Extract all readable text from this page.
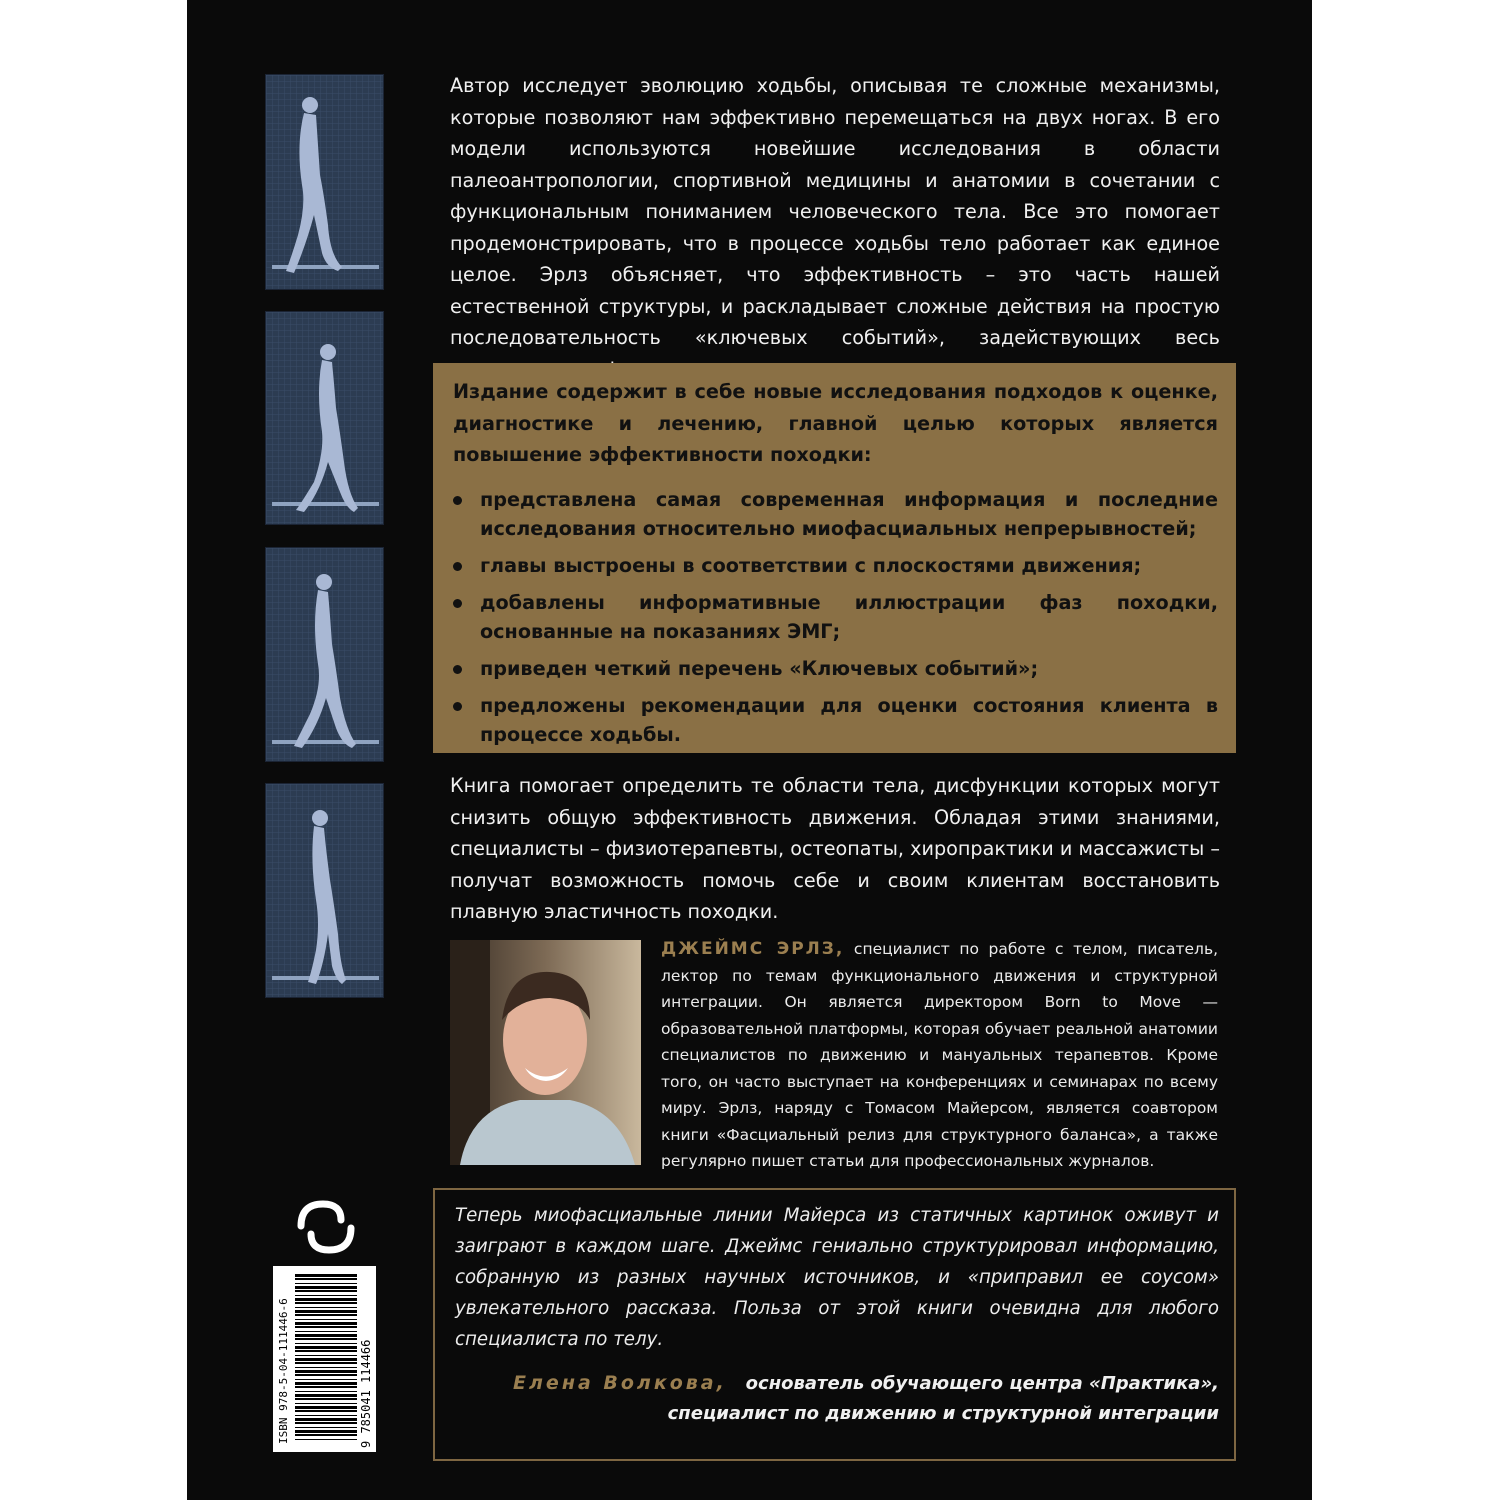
Автор исследует эволюцию ходьбы, описывая те сложные механизмы, которые позволяют нам эффективно перемещаться на двух ногах. В его модели используются новейшие исследования в области палеоантропологии, спортивной медицины и анатомии в сочетании с функциональным пониманием человеческого тела. Все это помогает продемонстрировать, что в процессе ходьбы тело работает как единое целое. Эрлз объясняет, что эффективность – это часть нашей естественной структуры, и раскладывает сложные действия на простую последовательность «ключевых событий», задействующих весь

Издание содержит в себе новые исследования подходов к оценке, диагностике и лечению, главной целью которых является повышение эффективности походки:

представлена самая современная информация и последние исследования относительно миофасциальных непрерывностей;
главы выстроены в соответствии с плоскостями движения;
добавлены информативные иллюстрации фаз походки, основанные на показаниях ЭМГ;
приведен четкий перечень «Ключевых событий»;
предложены рекомендации для оценки состояния клиента в процессе ходьбы.

Книга помогает определить те области тела, дисфункции которых могут снизить общую эффективность движения. Обладая этими знаниями, специалисты – физиотерапевты, остеопаты, хиропрактики и массажисты – получат возможность помочь себе и своим клиентам восстановить плавную эластичность походки.

ДЖЕЙМС ЭРЛЗ, специалист по работе с телом, писатель, лектор по темам функционального движения и структурной интеграции. Он является директором Born to Move — образовательной платформы, которая обучает реальной анатомии специалистов по движению и мануальных терапевтов. Кроме того, он часто выступает на конференциях и семинарах по всему миру. Эрлз, наряду с Томасом Майерсом, является соавтором книги «Фасциальный релиз для структурного баланса», а также регулярно пишет статьи для профессиональных журналов.

ISBN 978-5-04-111446-6	9 785041 114466

Теперь миофасциальные линии Майерса из статичных картинок оживут и заиграют в каждом шаге. Джеймс гениально структурировал информацию, собранную из разных научных источников, и «приправил ее соусом» увлекательного рассказа. Польза от этой книги очевидна для любого специалиста по телу.

Елена Волкова, основатель обучающего центра «Практика»,
специалист по движению и структурной интеграции
